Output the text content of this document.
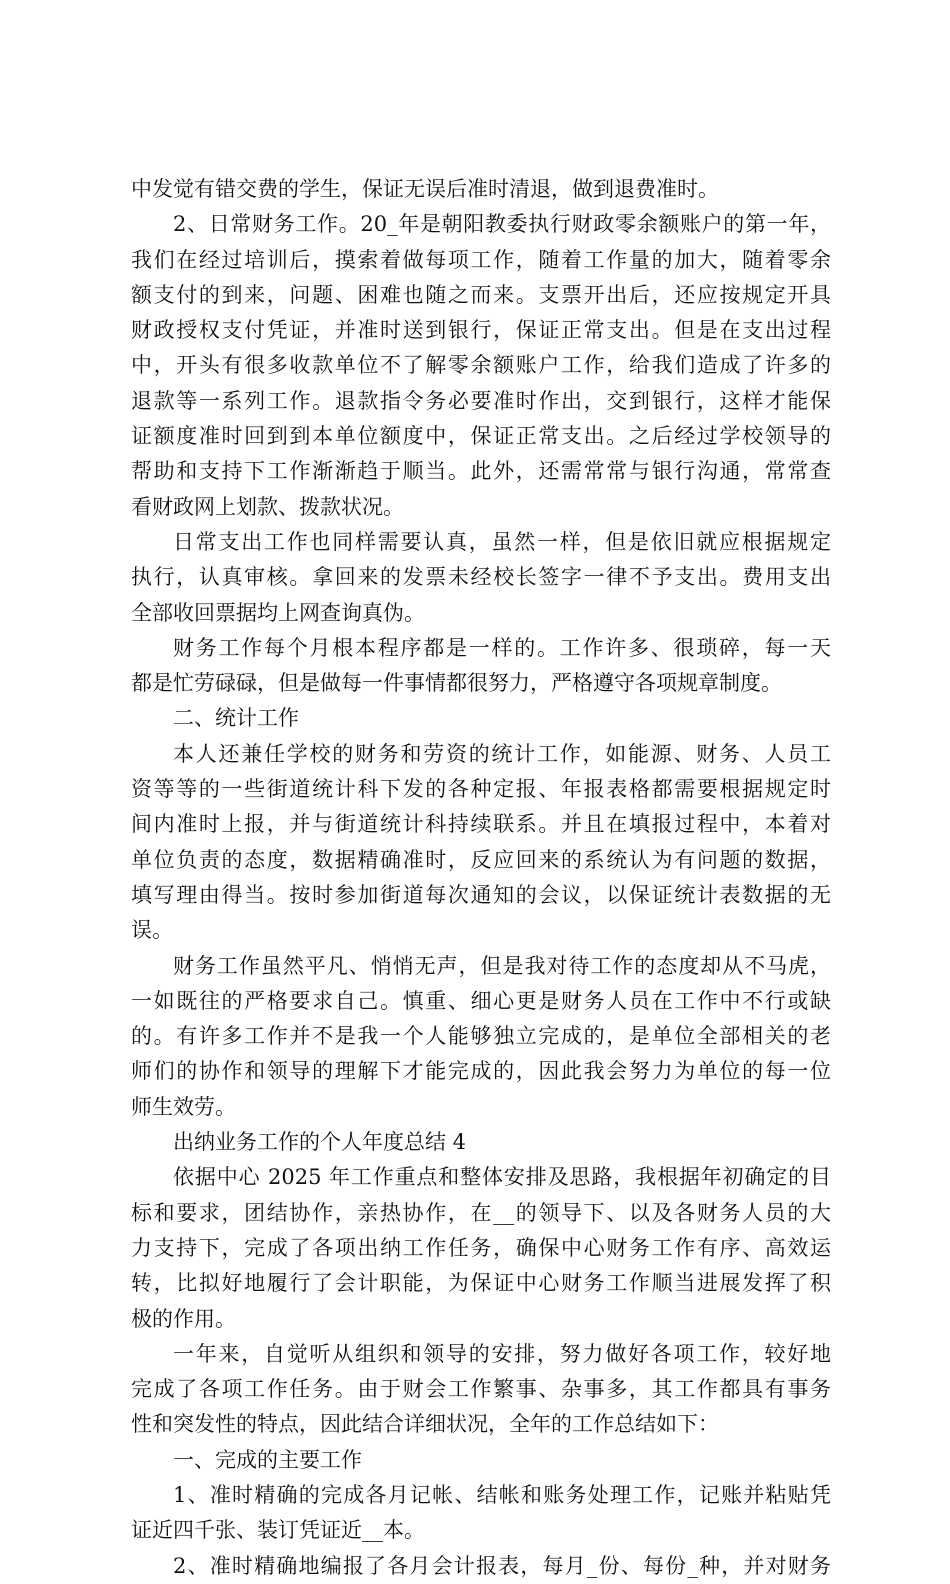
中发觉有错交费的学生，保证无误后准时清退，做到退费准时。
2、日常财务工作。20_年是朝阳教委执行财政零余额账户的第一年，
我们在经过培训后，摸索着做每项工作，随着工作量的加大，随着零余
额支付的到来，问题、困难也随之而来。支票开出后，还应按规定开具
财政授权支付凭证，并准时送到银行，保证正常支出。但是在支出过程
中，开头有很多收款单位不了解零余额账户工作，给我们造成了许多的
退款等一系列工作。退款指令务必要准时作出，交到银行，这样才能保
证额度准时回到到本单位额度中，保证正常支出。之后经过学校领导的
帮助和支持下工作渐渐趋于顺当。此外，还需常常与银行沟通，常常查
看财政网上划款、拨款状况。
日常支出工作也同样需要认真，虽然一样，但是依旧就应根据规定
执行，认真审核。拿回来的发票未经校长签字一律不予支出。费用支出
全部收回票据均上网查询真伪。
财务工作每个月根本程序都是一样的。工作许多、很琐碎，每一天
都是忙劳碌碌，但是做每一件事情都很努力，严格遵守各项规章制度。
二、统计工作
本人还兼任学校的财务和劳资的统计工作，如能源、财务、人员工
资等等的一些街道统计科下发的各种定报、年报表格都需要根据规定时
间内准时上报，并与街道统计科持续联系。并且在填报过程中，本着对
单位负责的态度，数据精确准时，反应回来的系统认为有问题的数据，
填写理由得当。按时参加街道每次通知的会议，以保证统计表数据的无
误。
财务工作虽然平凡、悄悄无声，但是我对待工作的态度却从不马虎，
一如既往的严格要求自己。慎重、细心更是财务人员在工作中不行或缺
的。有许多工作并不是我一个人能够独立完成的，是单位全部相关的老
师们的协作和领导的理解下才能完成的，因此我会努力为单位的每一位
师生效劳。
出纳业务工作的个人年度总结 4
依据中心 2025 年工作重点和整体安排及思路，我根据年初确定的目
标和要求，团结协作，亲热协作，在__的领导下、以及各财务人员的大
力支持下，完成了各项出纳工作任务，确保中心财务工作有序、高效运
转，比拟好地履行了会计职能，为保证中心财务工作顺当进展发挥了积
极的作用。
一年来，自觉听从组织和领导的安排，努力做好各项工作，较好地
完成了各项工作任务。由于财会工作繁事、杂事多，其工作都具有事务
性和突发性的特点，因此结合详细状况，全年的工作总结如下：
一、完成的主要工作
1、准时精确的完成各月记帐、结帐和账务处理工作，记账并粘贴凭
证近四千张、装订凭证近__本。
2、准时精确地编报了各月会计报表，每月_份、每份_种，并对财务
